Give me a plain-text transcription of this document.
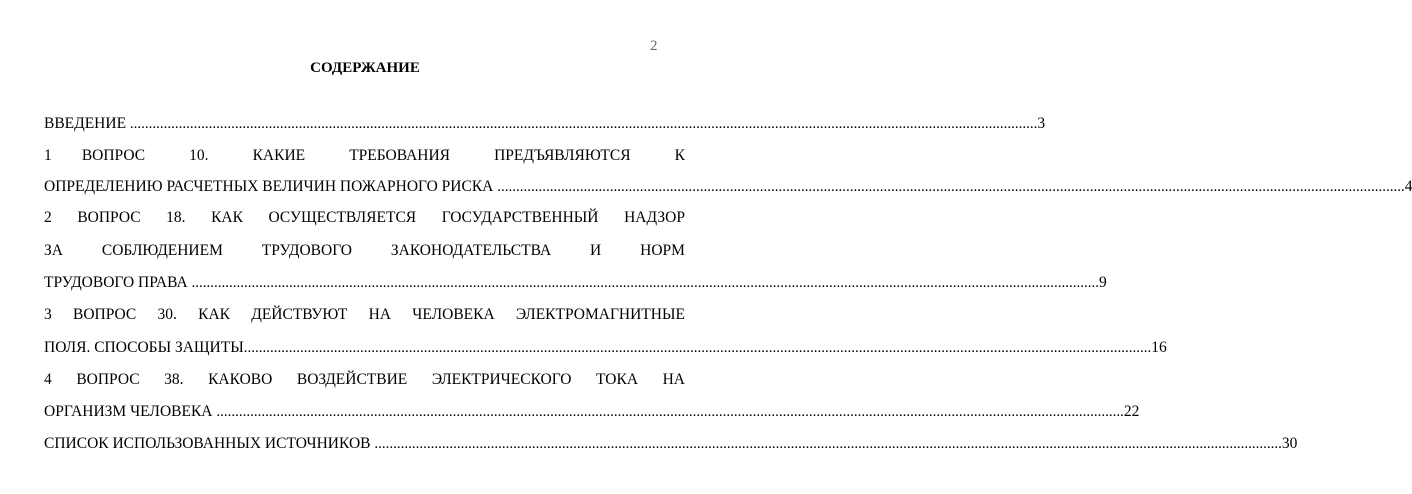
2
СОДЕРЖАНИЕ
ВВЕДЕНИЕ .................................................................................................................................................................................................................................................. 3
1 ВОПРОС	10.	КАКИЕ	ТРЕБОВАНИЯ	ПРЕДЪЯВЛЯЮТСЯ	К
ОПРЕДЕЛЕНИЮ РАСЧЕТНЫХ ВЕЛИЧИН ПОЖАРНОГО РИСКА .................................................................................................................................................................................................................................................. 4
2 ВОПРОС 18. КАК ОСУЩЕСТВЛЯЕТСЯ ГОСУДАРСТВЕННЫЙ НАДЗОР
ЗА	СОБЛЮДЕНИЕМ	ТРУДОВОГО	ЗАКОНОДАТЕЛЬСТВА	И	НОРМ
ТРУДОВОГО ПРАВА .................................................................................................................................................................................................................................................. 9
3 ВОПРОС 30. КАК ДЕЙСТВУЮТ НА ЧЕЛОВЕКА ЭЛЕКТРОМАГНИТНЫЕ
ПОЛЯ. СПОСОБЫ ЗАЩИТЫ .................................................................................................................................................................................................................................................. 16
4 ВОПРОС 38. КАКОВО ВОЗДЕЙСТВИЕ ЭЛЕКТРИЧЕСКОГО ТОКА НА
ОРГАНИЗМ ЧЕЛОВЕКА .................................................................................................................................................................................................................................................. 22
СПИСОК ИСПОЛЬЗОВАННЫХ ИСТОЧНИКОВ .................................................................................................................................................................................................................................................. 30
